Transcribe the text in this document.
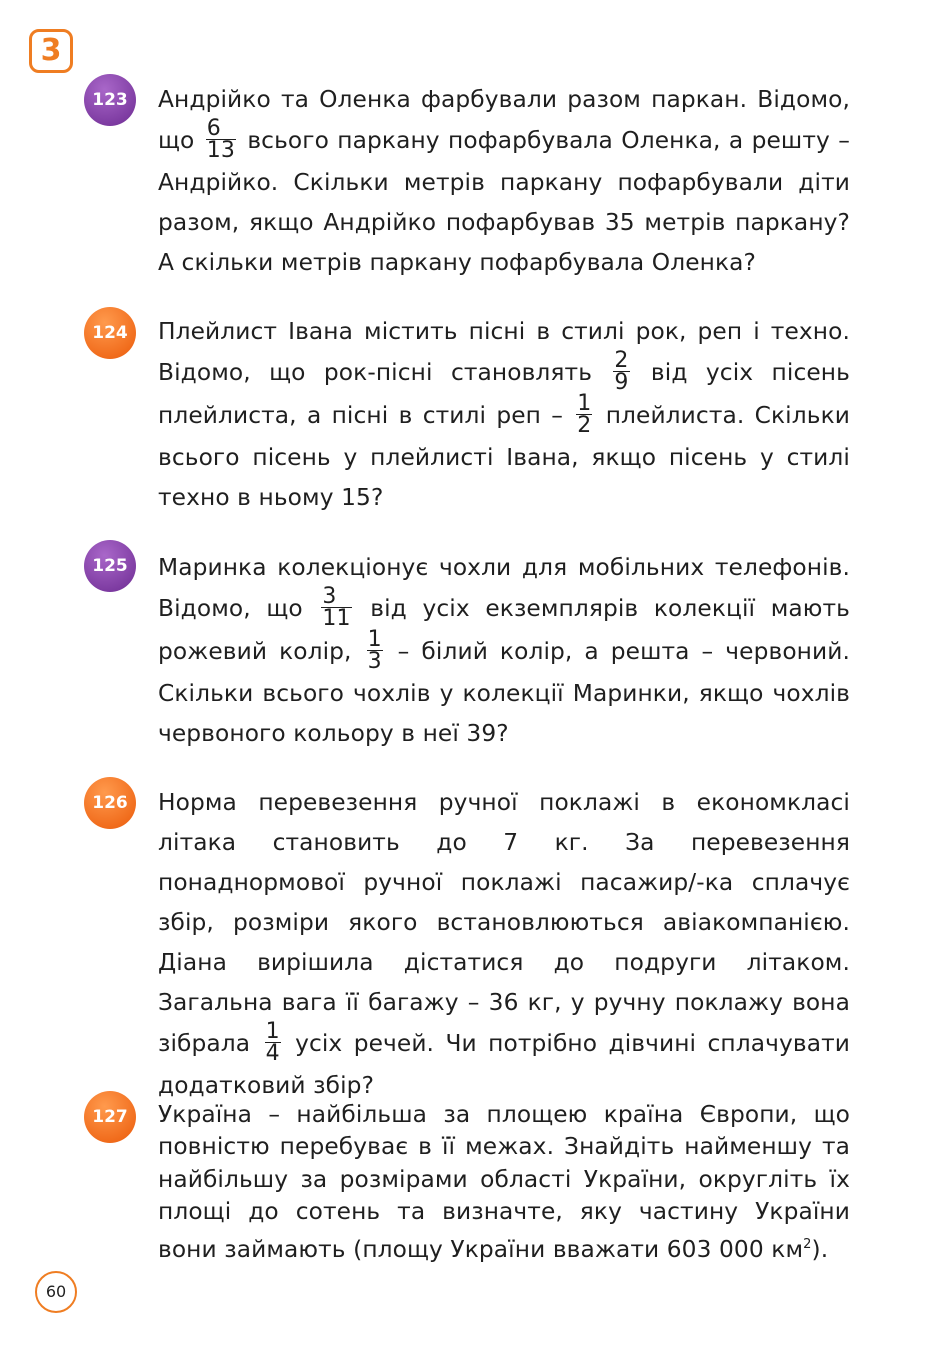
3
123	Андрійко та Оленка фарбували разом паркан. Відомо, що $\frac{6}{13}$ всього паркану пофарбувала Оленка, а решту – Андрійко. Скільки метрів паркану пофарбували діти разом, якщо Андрійко пофарбував 35 метрів паркану? А скільки метрів паркану пофарбувала Оленка?
124	Плейлист Івана містить пісні в стилі рок, реп і техно. Відомо, що рок-пісні становлять $\frac{2}{9}$ від усіх пісень плейлиста, а пісні в стилі реп – $\frac{1}{2}$ плейлиста. Скільки всього пісень у плейлисті Івана, якщо пісень у стилі техно в ньому 15?
125	Маринка колекціонує чохли для мобільних телефонів. Відомо, що $\frac{3}{11}$ від усіх екземплярів колекції мають рожевий колір, $\frac{1}{3}$ – білий колір, а решта – червоний. Скільки всього чохлів у колекції Маринки, якщо чохлів червоного кольору в неї 39?
126	Норма перевезення ручної поклажі в економкласі літака становить до 7 кг. За перевезення понаднормової ручної поклажі пасажир/-ка сплачує збір, розміри якого встановлюються авіакомпанією. Діана вирішила дістатися до подруги літаком. Загальна вага її багажу – 36 кг, у ручну поклажу вона зібрала $\frac{1}{4}$ усіх речей. Чи потрібно дівчині сплачувати додатковий збір?
127	Україна – найбільша за площею країна Європи, що повністю перебуває в її межах. Знайдіть найменшу та найбільшу за розмірами області України, округліть їх площі до сотень та визначте, яку частину України вони займають (площу України вважати 603 000 $км^2$).
60
